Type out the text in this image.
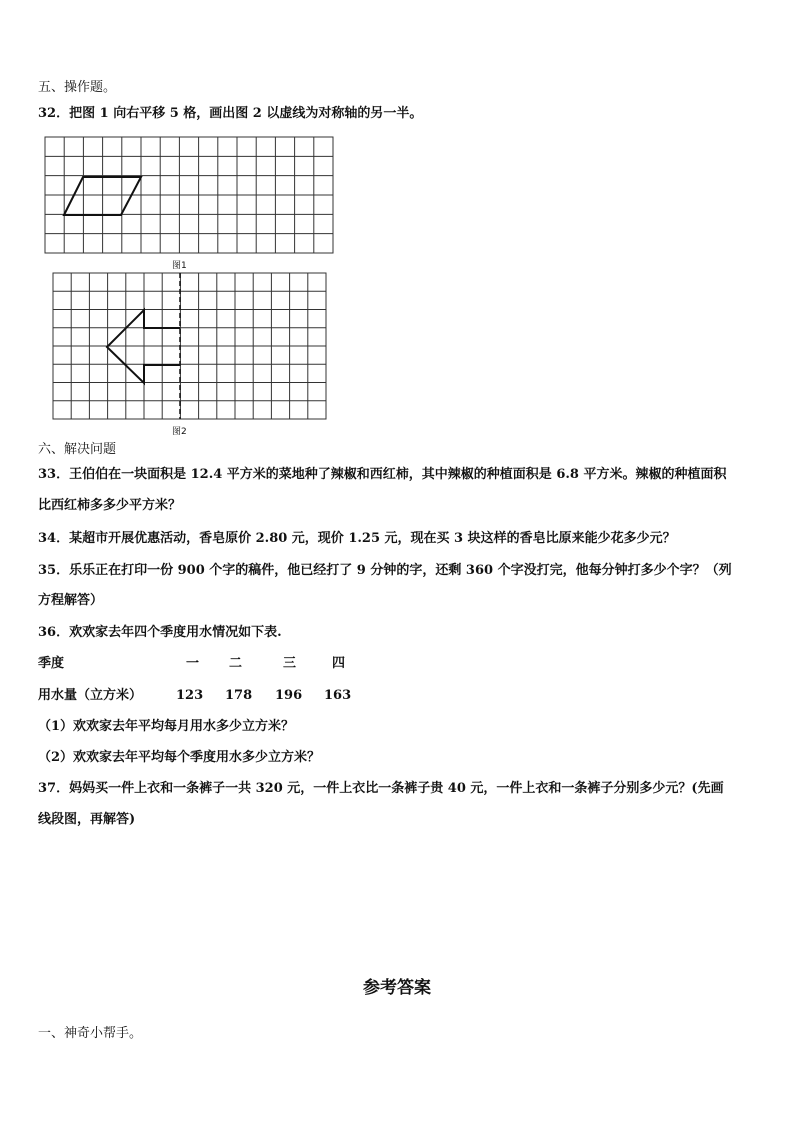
五、操作题。
32．把图 1 向右平移 5 格，画出图 2 以虚线为对称轴的另一半。
图1
图2
六、解决问题
33．王伯伯在一块面积是 12.4 平方米的菜地种了辣椒和西红柿，其中辣椒的种植面积是 6.8 平方米。辣椒的种植面积
比西红柿多多少平方米？
34．某超市开展优惠活动，香皂原价 2.80 元，现价 1.25 元，现在买 3 块这样的香皂比原来能少花多少元？
35．乐乐正在打印一份 900 个字的稿件，他已经打了 9 分钟的字，还剩 360 个字没打完，他每分钟打多少个字？（列
方程解答）
36．欢欢家去年四个季度用水情况如下表.
季度	一 二	三	四
用水量（立方米）	123 178 196 163
（1）欢欢家去年平均每月用水多少立方米？
（2）欢欢家去年平均每个季度用水多少立方米？
37．妈妈买一件上衣和一条裤子一共 320 元，一件上衣比一条裤子贵 40 元，一件上衣和一条裤子分别多少元？(先画
线段图，再解答)
参考答案
一、神奇小帮手。
